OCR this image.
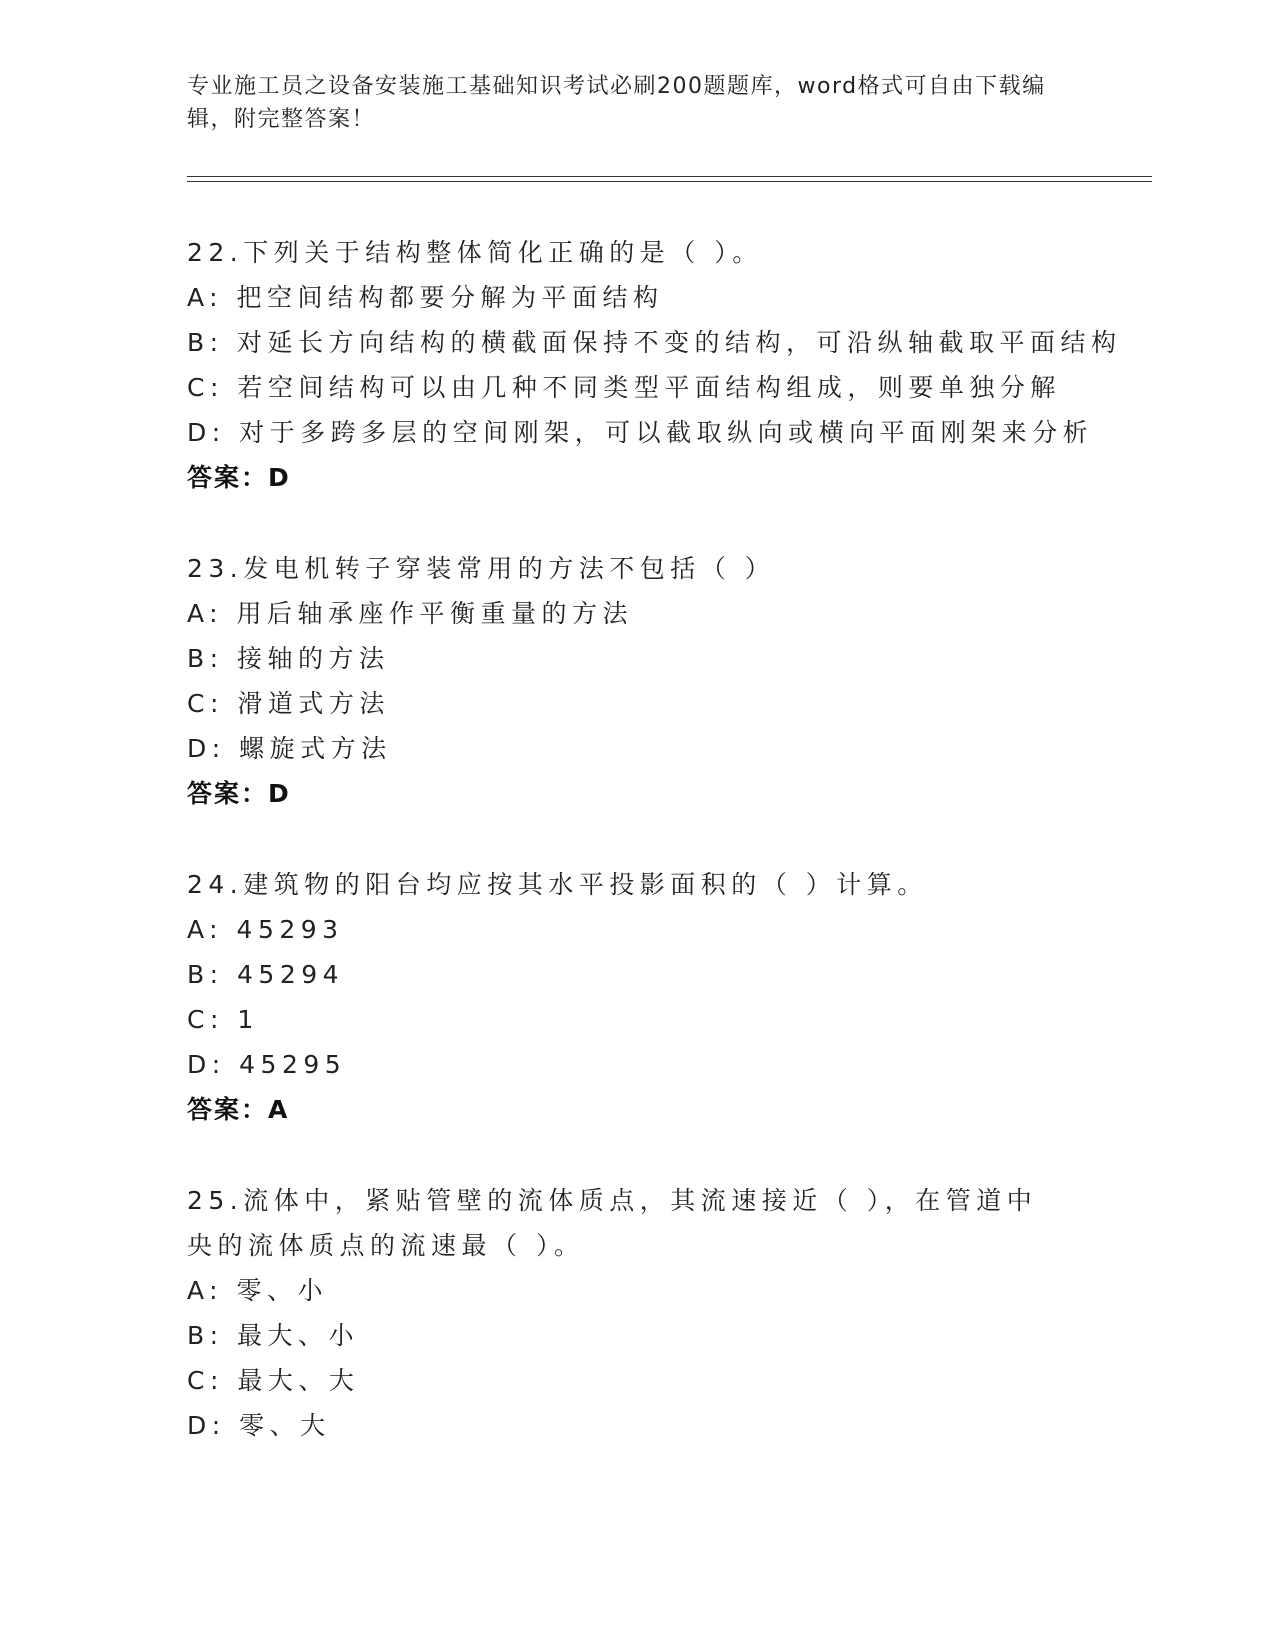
专业施工员之设备安装施工基础知识考试必刷200题题库，word格式可自由下载编辑，附完整答案！
22.下列关于结构整体简化正确的是（ ）。
A: 把空间结构都要分解为平面结构
B: 对延长方向结构的横截面保持不变的结构，可沿纵轴截取平面结构
C: 若空间结构可以由几种不同类型平面结构组成，则要单独分解
D: 对于多跨多层的空间刚架，可以截取纵向或横向平面刚架来分析
答案：D
23.发电机转子穿装常用的方法不包括（ ）
A: 用后轴承座作平衡重量的方法
B: 接轴的方法
C: 滑道式方法
D: 螺旋式方法
答案：D
24.建筑物的阳台均应按其水平投影面积的（ ）计算。
A: 45293
B: 45294
C: 1
D: 45295
答案：A
25.流体中，紧贴管壁的流体质点，其流速接近（ ），在管道中央的流体质点的流速最（ ）。
A: 零、小
B: 最大、小
C: 最大、大
D: 零、大
